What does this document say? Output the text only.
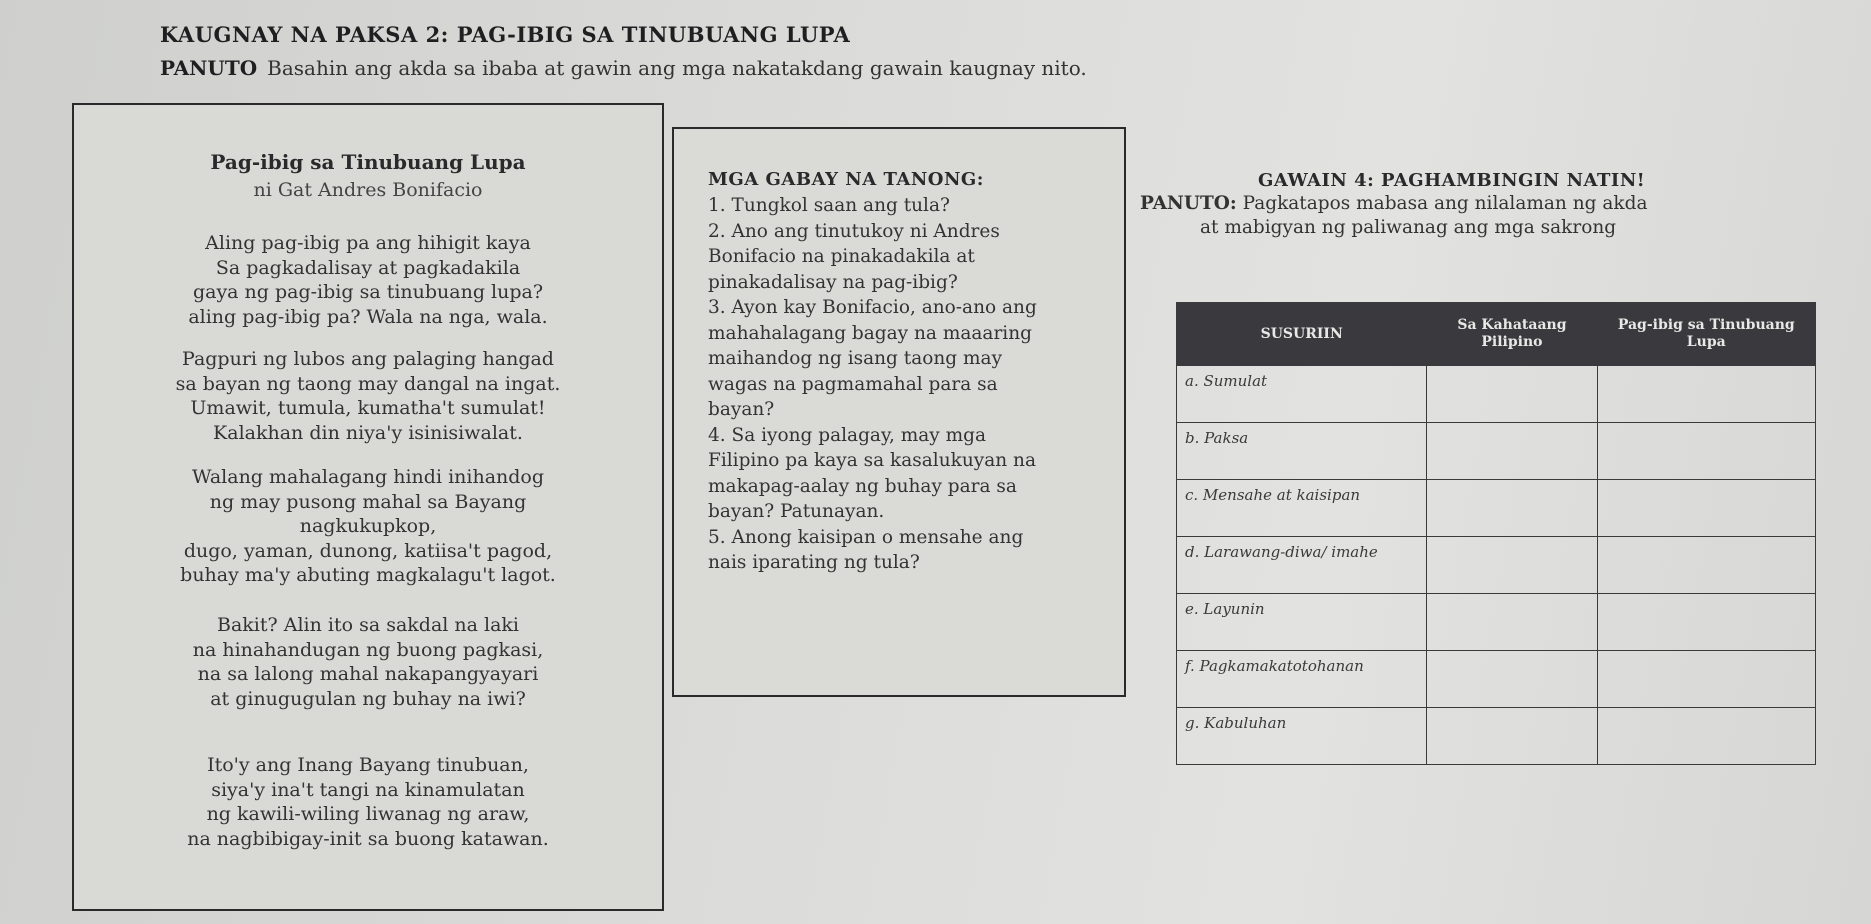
KAUGNAY NA PAKSA 2: PAG-IBIG SA TINUBUANG LUPA
PANUTO Basahin ang akda sa ibaba at gawin ang mga nakatakdang gawain kaugnay nito.
Pag-ibig sa Tinubuang Lupa
ni Gat Andres Bonifacio
Aling pag-ibig pa ang hihigit kaya
Sa pagkadalisay at pagkadakila
gaya ng pag-ibig sa tinubuang lupa?
aling pag-ibig pa? Wala na nga, wala.
Pagpuri ng lubos ang palaging hangad
sa bayan ng taong may dangal na ingat.
Umawit, tumula, kumatha't sumulat!
Kalakhan din niya'y isinisiwalat.
Walang mahalagang hindi inihandog
ng may pusong mahal sa Bayang
nagkukupkop,
dugo, yaman, dunong, katiisa't pagod,
buhay ma'y abuting magkalagu't lagot.
Bakit? Alin ito sa sakdal na laki
na hinahandugan ng buong pagkasi,
na sa lalong mahal nakapangyayari
at ginugugulan ng buhay na iwi?
Ito'y ang Inang Bayang tinubuan,
siya'y ina't tangi na kinamulatan
ng kawili-wiling liwanag ng araw,
na nagbibigay-init sa buong katawan.
MGA GABAY NA TANONG:
1. Tungkol saan ang tula?
2. Ano ang tinutukoy ni Andres
Bonifacio na pinakadakila at
pinakadalisay na pag-ibig?
3. Ayon kay Bonifacio, ano-ano ang
mahahalagang bagay na maaaring
maihandog ng isang taong may
wagas na pagmamahal para sa
bayan?
4. Sa iyong palagay, may mga
Filipino pa kaya sa kasalukuyan na
makapag-aalay ng buhay para sa
bayan? Patunayan.
5. Anong kaisipan o mensahe ang
nais iparating ng tula?
GAWAIN 4: PAGHAMBINGIN NATIN!
PANUTO: Pagkatapos mabasa ang nilalaman ng akda
at mabigyan ng paliwanag ang mga sakrong
SUSURIIN	Sa Kahataang Pilipino	Pag-ibig sa Tinubuang Lupa
a. Sumulat		
b. Paksa		
c. Mensahe at kaisipan		
d. Larawang-diwa/ imahe		
e. Layunin		
f. Pagkamakatotohanan		
g. Kabuluhan		
